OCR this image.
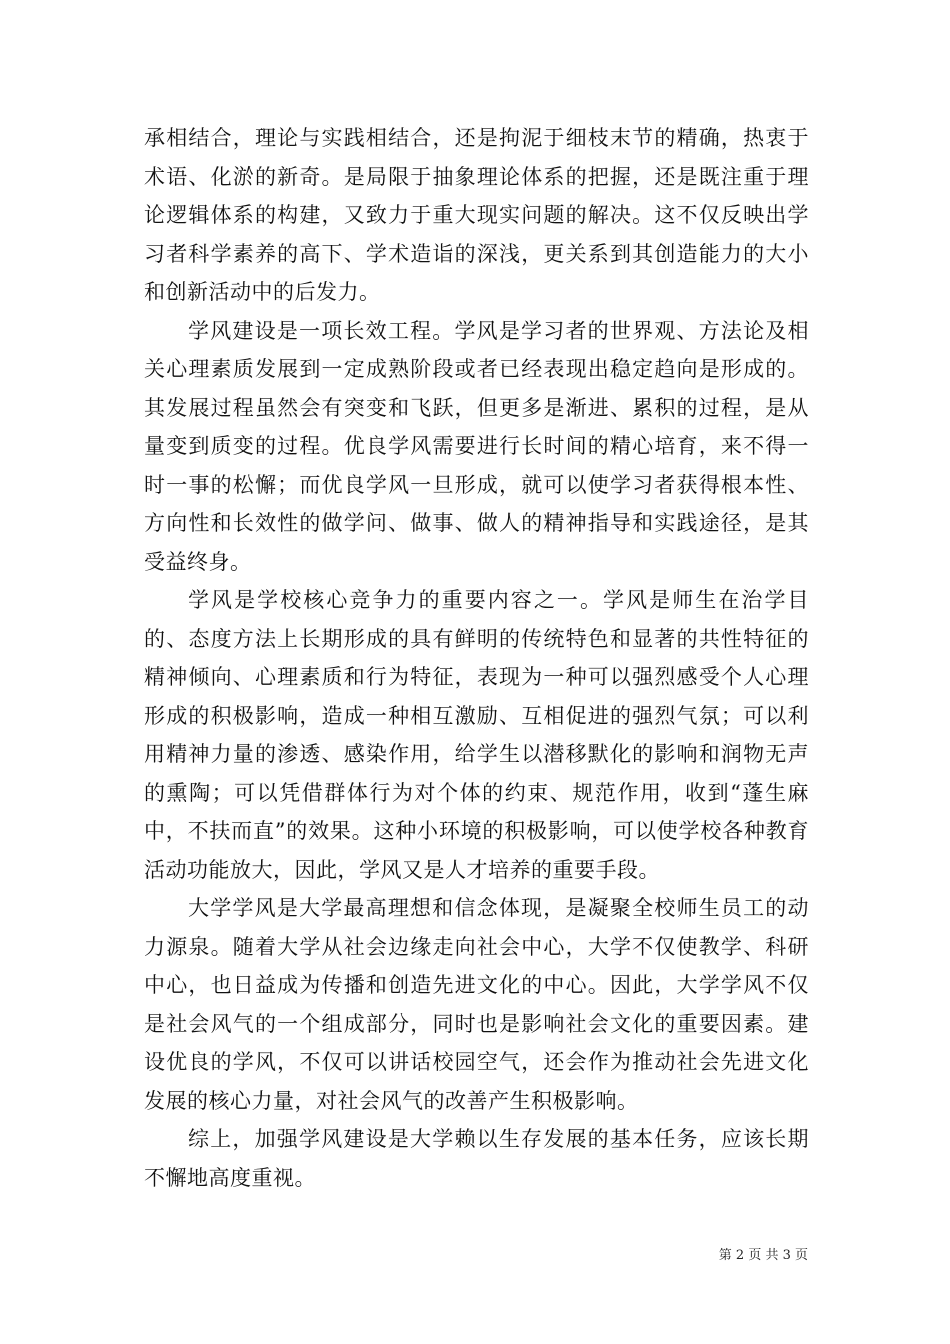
承相结合，理论与实践相结合，还是拘泥于细枝末节的精确，热衷于术语、化淤的新奇。是局限于抽象理论体系的把握，还是既注重于理论逻辑体系的构建，又致力于重大现实问题的解决。这不仅反映出学习者科学素养的高下、学术造诣的深浅，更关系到其创造能力的大小和创新活动中的后发力。

学风建设是一项长效工程。学风是学习者的世界观、方法论及相关心理素质发展到一定成熟阶段或者已经表现出稳定趋向是形成的。其发展过程虽然会有突变和飞跃，但更多是渐进、累积的过程，是从量变到质变的过程。优良学风需要进行长时间的精心培育，来不得一时一事的松懈；而优良学风一旦形成，就可以使学习者获得根本性、方向性和长效性的做学问、做事、做人的精神指导和实践途径，是其受益终身。

学风是学校核心竞争力的重要内容之一。学风是师生在治学目的、态度方法上长期形成的具有鲜明的传统特色和显著的共性特征的精神倾向、心理素质和行为特征，表现为一种可以强烈感受个人心理形成的积极影响，造成一种相互激励、互相促进的强烈气氛；可以利用精神力量的渗透、感染作用，给学生以潜移默化的影响和润物无声的熏陶；可以凭借群体行为对个体的约束、规范作用，收到“蓬生麻中，不扶而直”的效果。这种小环境的积极影响，可以使学校各种教育活动功能放大，因此，学风又是人才培养的重要手段。

大学学风是大学最高理想和信念体现，是凝聚全校师生员工的动力源泉。随着大学从社会边缘走向社会中心，大学不仅使教学、科研中心，也日益成为传播和创造先进文化的中心。因此，大学学风不仅是社会风气的一个组成部分，同时也是影响社会文化的重要因素。建设优良的学风，不仅可以讲话校园空气，还会作为推动社会先进文化发展的核心力量，对社会风气的改善产生积极影响。

综上，加强学风建设是大学赖以生存发展的基本任务，应该长期不懈地高度重视。

第 2 页 共 3 页
